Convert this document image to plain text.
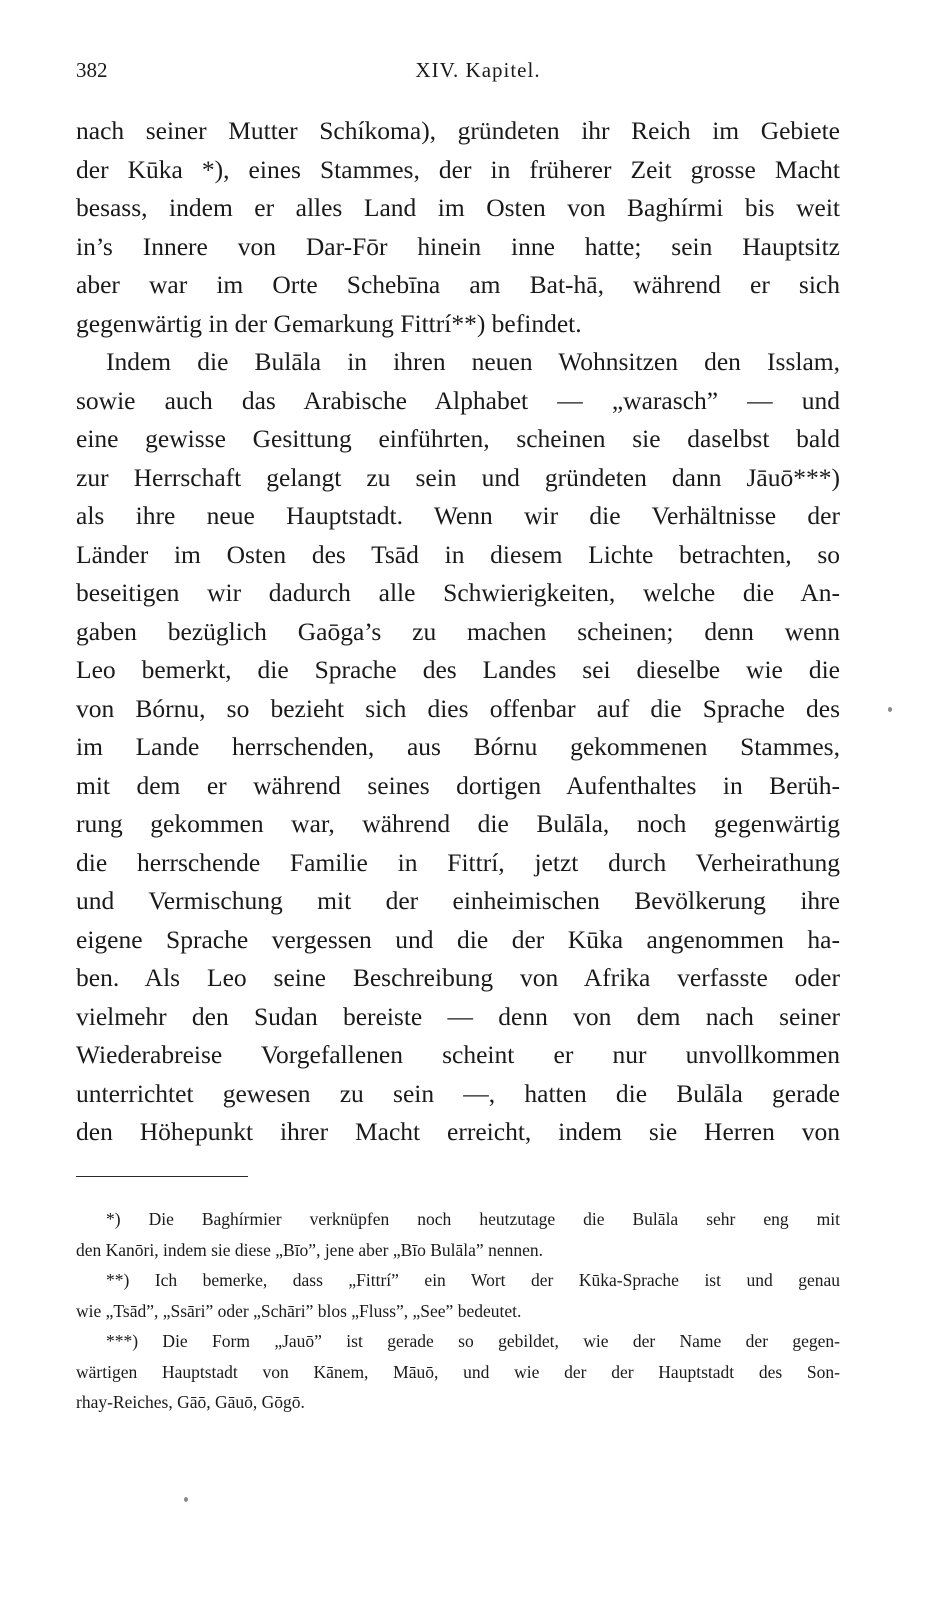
382	XIV. Kapitel.
nach seiner Mutter Schíkoma), gründeten ihr Reich im Gebiete
der Kūka *), eines Stammes, der in früherer Zeit grosse Macht
besass, indem er alles Land im Osten von Baghírmi bis weit
in’s Innere von Dar-Fōr hinein inne hatte; sein Hauptsitz
aber war im Orte Schebīna am Bat-hā, während er sich
gegenwärtig in der Gemarkung Fittrí**) befindet.
Indem die Bulāla in ihren neuen Wohnsitzen den Isslam,
sowie auch das Arabische Alphabet — „warasch” — und
eine gewisse Gesittung einführten, scheinen sie daselbst bald
zur Herrschaft gelangt zu sein und gründeten dann Jāuō***)
als ihre neue Hauptstadt. Wenn wir die Verhältnisse der
Länder im Osten des Tsād in diesem Lichte betrachten, so
beseitigen wir dadurch alle Schwierigkeiten, welche die An-
gaben bezüglich Gaōga’s zu machen scheinen; denn wenn
Leo bemerkt, die Sprache des Landes sei dieselbe wie die
von Bórnu, so bezieht sich dies offenbar auf die Sprache des
im Lande herrschenden, aus Bórnu gekommenen Stammes,
mit dem er während seines dortigen Aufenthaltes in Berüh-
rung gekommen war, während die Bulāla, noch gegenwärtig
die herrschende Familie in Fittrí, jetzt durch Verheirathung
und Vermischung mit der einheimischen Bevölkerung ihre
eigene Sprache vergessen und die der Kūka angenommen ha-
ben. Als Leo seine Beschreibung von Afrika verfasste oder
vielmehr den Sudan bereiste — denn von dem nach seiner
Wiederabreise Vorgefallenen scheint er nur unvollkommen
unterrichtet gewesen zu sein —, hatten die Bulāla gerade
den Höhepunkt ihrer Macht erreicht, indem sie Herren von
*) Die Baghírmier verknüpfen noch heutzutage die Bulāla sehr eng mit
den Kanōri, indem sie diese „Bīo”, jene aber „Bīo Bulāla” nennen.
**) Ich bemerke, dass „Fittrí” ein Wort der Kūka-Sprache ist und genau
wie „Tsād”, „Ssāri” oder „Schāri” blos „Fluss”, „See” bedeutet.
***) Die Form „Jauō” ist gerade so gebildet, wie der Name der gegen-
wärtigen Hauptstadt von Kānem, Māuō, und wie der der Hauptstadt des Son-
rhay-Reiches, Gāō, Gāuō, Gōgō.
